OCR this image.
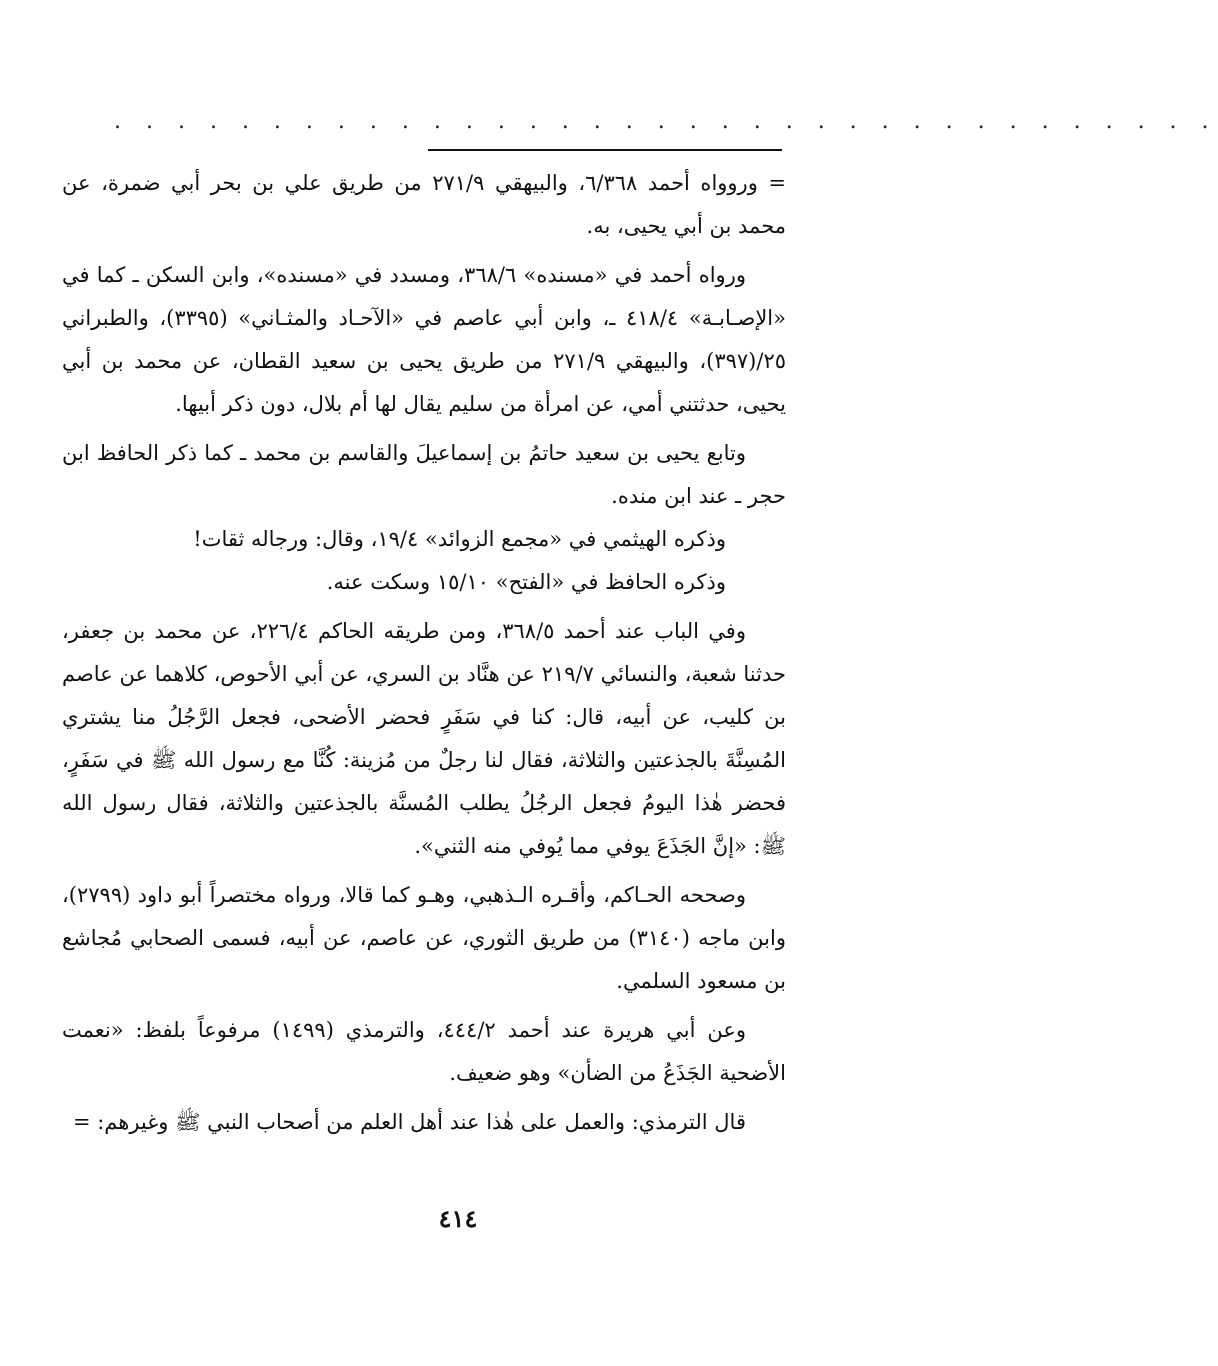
. . . . . . . . . . . . . . . . . . . . . . . . . . . . . . . . . . .

= وروواه أحمد ٦/٣٦٨، والبيهقي ٢٧١/٩ من طريق علي بن بحر أبي ضمرة، عن محمد بن أبي يحيى، به.

ورواه أحمد في «مسنده» ٣٦٨/٦، ومسدد في «مسنده»، وابن السكن ـ كما في «الإصـابـة» ٤١٨/٤ ـ، وابن أبي عاصم في «الآحـاد والمثـاني» (٣٣٩٥)، والطبراني ٢٥/(٣٩٧)، والبيهقي ٢٧١/٩ من طريق يحيى بن سعيد القطان، عن محمد بن أبي يحيى، حدثتني أمي، عن امرأة من سليم يقال لها أم بلال، دون ذكر أبيها.

وتابع يحيى بن سعيد حاتمُ بن إسماعيلَ والقاسم بن محمد ـ كما ذكر الحافظ ابن حجر ـ عند ابن منده.

وذكره الهيثمي في «مجمع الزوائد» ١٩/٤، وقال: ورجاله ثقات!

وذكره الحافظ في «الفتح» ١٥/١٠ وسكت عنه.

وفي الباب عند أحمد ٣٦٨/٥، ومن طريقه الحاكم ٢٢٦/٤، عن محمد بن جعفر، حدثنا شعبة، والنسائي ٢١٩/٧ عن هنَّاد بن السري، عن أبي الأحوص، كلاهما عن عاصم بن كليب، عن أبيه، قال: كنا في سَفَرٍ فحضر الأضحى، فجعل الرَّجُلُ منا يشتري المُسِنَّةَ بالجذعتين والثلاثة، فقال لنا رجلٌ من مُزينة: كُنَّا مع رسول الله ﷺ في سَفَرٍ، فحضر هٰذا اليومُ فجعل الرجُلُ يطلب المُسنَّة بالجذعتين والثلاثة، فقال رسول الله ﷺ: «إنَّ الجَذَعَ يوفي مما يُوفي منه الثني».

وصححه الحـاكم، وأقـره الـذهبي، وهـو كما قالا، ورواه مختصراً أبو داود (٢٧٩٩)، وابن ماجه (٣١٤٠) من طريق الثوري، عن عاصم، عن أبيه، فسمى الصحابي مُجاشع بن مسعود السلمي.

وعن أبي هريرة عند أحمد ٤٤٤/٢، والترمذي (١٤٩٩) مرفوعاً بلفظ: «نعمت الأضحية الجَذَعُ من الضأن» وهو ضعيف.

قال الترمذي: والعمل على هٰذا عند أهل العلم من أصحاب النبي ﷺ وغيرهم: =

٤١٤
